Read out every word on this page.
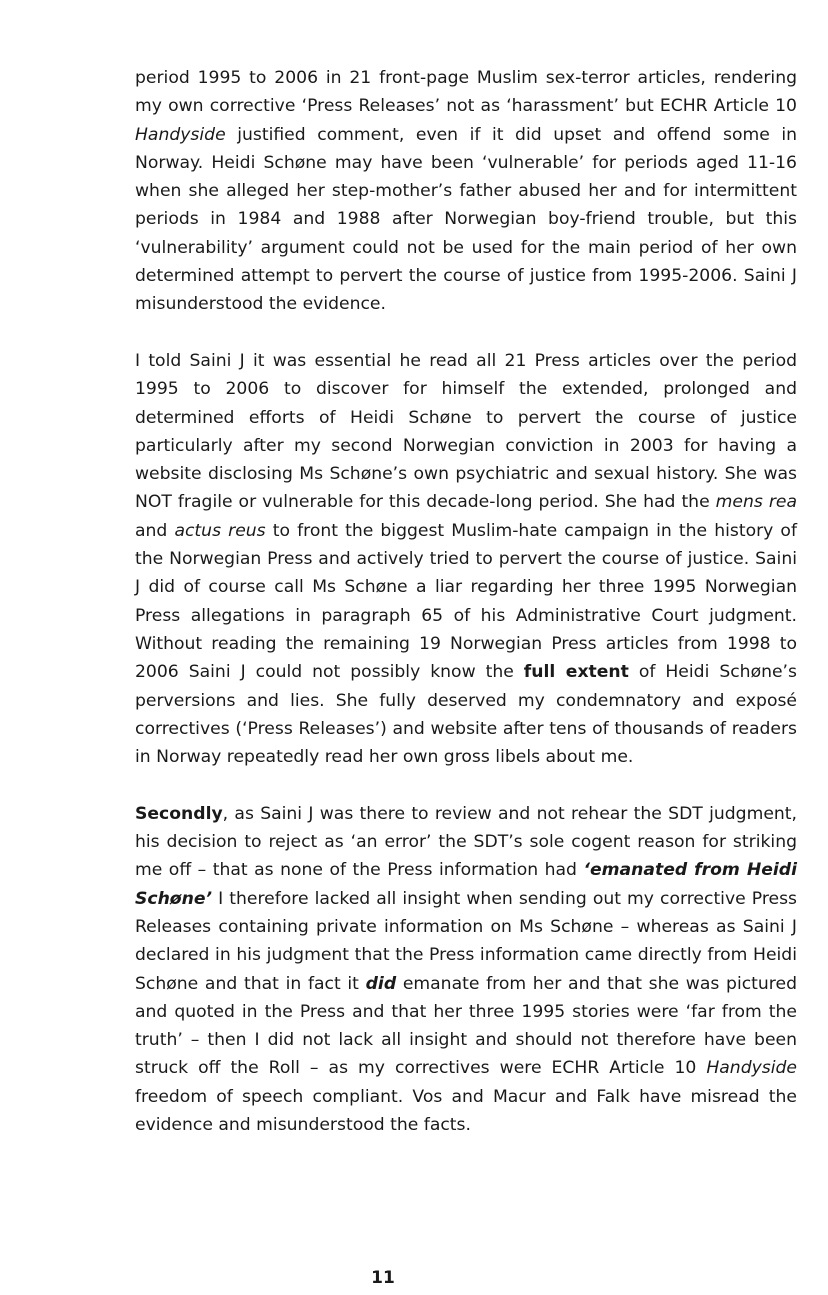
period 1995 to 2006 in 21 front-page Muslim sex-terror articles, rendering my own corrective ‘Press Releases’ not as ‘harassment’ but ECHR Article 10 Handyside justified comment, even if it did upset and offend some in Norway. Heidi Schøne may have been ‘vulnerable’ for periods aged 11-16 when she alleged her step-mother’s father abused her and for intermittent periods in 1984 and 1988 after Norwegian boy-friend trouble, but this ‘vulnerability’ argument could not be used for the main period of her own determined attempt to pervert the course of justice from 1995-2006. Saini J misunderstood the evidence.

I told Saini J it was essential he read all 21 Press articles over the period 1995 to 2006 to discover for himself the extended, prolonged and determined efforts of Heidi Schøne to pervert the course of justice particularly after my second Norwegian conviction in 2003 for having a website disclosing Ms Schøne’s own psychiatric and sexual history. She was NOT fragile or vulnerable for this decade-long period. She had the mens rea and actus reus to front the biggest Muslim-hate campaign in the history of the Norwegian Press and actively tried to pervert the course of justice. Saini J did of course call Ms Schøne a liar regarding her three 1995 Norwegian Press allegations in paragraph 65 of his Administrative Court judgment. Without reading the remaining 19 Norwegian Press articles from 1998 to 2006 Saini J could not possibly know the full extent of Heidi Schøne’s perversions and lies. She fully deserved my condemnatory and exposé correctives (‘Press Releases’) and website after tens of thousands of readers in Norway repeatedly read her own gross libels about me.

Secondly, as Saini J was there to review and not rehear the SDT judgment, his decision to reject as ‘an error’ the SDT’s sole cogent reason for striking me off – that as none of the Press information had ‘emanated from Heidi Schøne’ I therefore lacked all insight when sending out my corrective Press Releases containing private information on Ms Schøne – whereas as Saini J declared in his judgment that the Press information came directly from Heidi Schøne and that in fact it did emanate from her and that she was pictured and quoted in the Press and that her three 1995 stories were ‘far from the truth’ – then I did not lack all insight and should not therefore have been struck off the Roll – as my correctives were ECHR Article 10 Handyside freedom of speech compliant. Vos and Macur and Falk have misread the evidence and misunderstood the facts.

11
